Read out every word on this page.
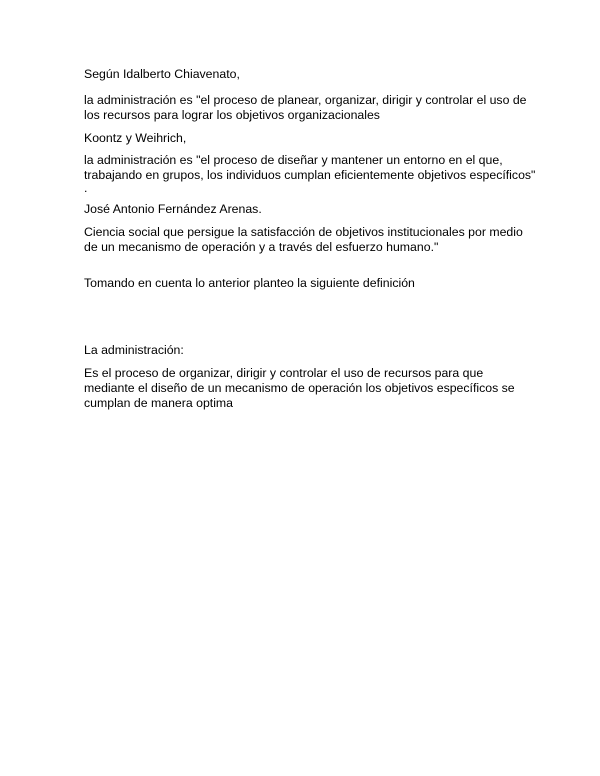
Según Idalberto Chiavenato,

la administración es "el proceso de planear, organizar, dirigir y controlar el uso de

los recursos para lograr los objetivos organizacionales

Koontz y Weihrich,

la administración es "el proceso de diseñar y mantener un entorno en el que,

trabajando en grupos, los individuos cumplan eficientemente objetivos específicos"

.

José Antonio Fernández Arenas.

Ciencia social que persigue la satisfacción de objetivos institucionales por medio

de un mecanismo de operación y a través del esfuerzo humano."

Tomando en cuenta lo anterior planteo la siguiente definición

La administración:

Es el proceso de organizar, dirigir y controlar el uso de recursos para que

mediante el diseño de un mecanismo de operación los objetivos específicos se

cumplan de manera optima
